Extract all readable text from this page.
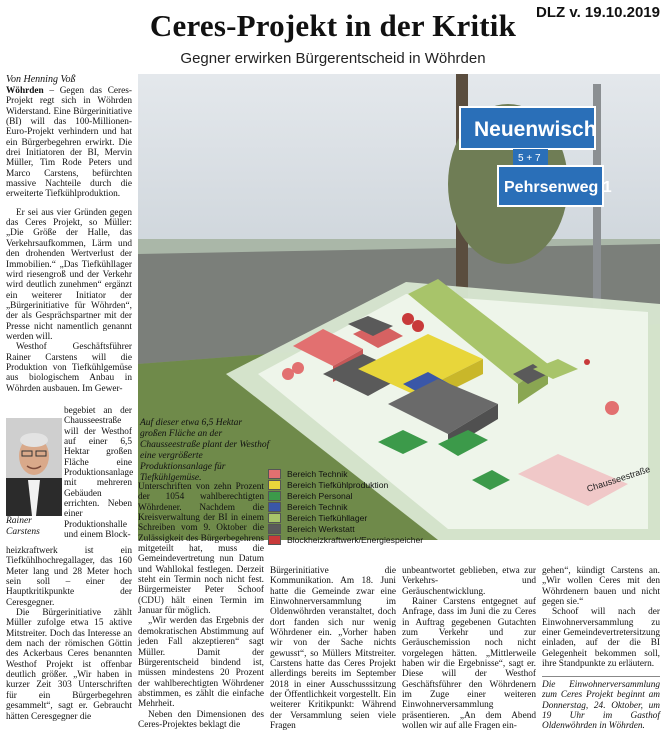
Ceres-Projekt in der Kritik	DLZ v. 19.10.2019
Gegner erwirken Bürgerentscheid in Wöhrden
Von Henning Voß

Wöhrden – Gegen das Ceres-Projekt regt sich in Wöhrden Widerstand. Eine Bürgerinitiative (BI) will das 100-Millionen-Euro-Projekt verhindern und hat ein Bürgerbegehren erwirkt. Die drei Initiatoren der BI, Mervin Müller, Tim Rode Peters und Marco Carstens, befürchten massive Nachteile durch die erweiterte Tiefkühlproduktion.

Er sei aus vier Gründen gegen das Ceres Projekt, so Müller: „Die Größe der Halle, das Verkehrsaufkommen, Lärm und den drohenden Wertverlust der Immobilien.“ „Das Tiefkühllager wird riesengroß und der Verkehr wird deutlich zunehmen“ ergänzt ein weiterer Initiator der „Bürgerinitiative für Wöhrden“, der als Gesprächspartner mit der Presse nicht namentlich genannt werden will.

Westhof Geschäftsführer Rainer Carstens will die Produktion von Tiefkühlgemüse aus biologischem Anbau in Wöhrden ausbauen. Im Gewer-

begebiet an der Chausseestraße will der Westhof auf einer 6,5 Hektar großen Fläche eine Produktionsanlage mit mehreren Gebäuden errichten. Neben einer Produktionshalle und einem Block-

heizkraftwerk ist ein Tiefkühlhochregallager, das 160 Meter lang und 28 Meter hoch sein soll – einer der Hauptkritikpunkte der Ceresgegner.

Die Bürgerinitiative zählt Müller zufolge etwa 15 aktive Mitstreiter. Doch das Interesse an dem nach der römischen Göttin des Ackerbaus Ceres benannten Westhof Projekt ist offenbar deutlich größer. „Wir haben in kurzer Zeit 303 Unterschriften für ein Bürgerbegehren gesammelt“, sagt er. Gebraucht hätten Ceresgegner die

Rainer
Carstens
Neuenwisch
5 + 7
Pehrsenweg 1
Chausseestraße
Auf dieser etwa 6,5 Hektar großen Fläche an der Chausseestraße plant der Westhof eine vergrößerte Produktionsanlage für Tiefkühlgemüse.	Bereich Technik
Bereich Tiefkühlproduktion
Bereich Personal
Bereich Technik
Bereich Tiefkühllager
Bereich Werkstatt
Blockheizkraftwerk/Energiespeicher

Unterschriften von zehn Prozent der 1054 wahlberechtigten Wöhrdener. Nachdem die Kreisverwaltung der BI in einem Schreiben vom 9. Oktober die Zulässigkeit des Bürgerbegehrens mitgeteilt hat, muss die Gemeindevertretung nun Datum und Wahllokal festlegen. Derzeit steht ein Termin noch nicht fest. Bürgermeister Peter Schoof (CDU) hält einen Termin im Januar für möglich.

„Wir werden das Ergebnis der demokratischen Abstimmung auf jeden Fall akzeptieren“ sagt Müller. Damit der Bürgerentscheid bindend ist, müssen mindestens 20 Prozent der wahlberechtigten Wöhrdener abstimmen, es zählt die einfache Mehrheit.

Neben den Dimensionen des Ceres-Projektes beklagt die

Bürgerinitiative die Kommunikation. Am 18. Juni hatte die Gemeinde zwar eine Einwohnerversammlung im Oldenwöhrden veranstaltet, doch dort fanden sich nur wenig Wöhrdener ein. „Vorher haben wir von der Sache nichts gewusst“, so Müllers Mitstreiter. Carstens hatte das Ceres Projekt allerdings bereits im September 2018 in einer Ausschusssitzung der Öffentlichkeit vorgestellt. Ein weiterer Kritikpunkt: Während der Versammlung seien viele Fragen

unbeantwortet geblieben, etwa zur Verkehrs- und Geräuschentwicklung.

Rainer Carstens entgegnet auf Anfrage, dass im Juni die zu Ceres in Auftrag gegebenen Gutachten zum Verkehr und zur Geräuschemission noch nicht vorgelegen hätten. „Mittlerweile haben wir die Ergebnisse“, sagt er. Diese will der Westhof Geschäftsführer den Wöhrdenern im Zuge einer weiteren Einwohnerversammlung präsentieren. „An dem Abend wollen wir auf alle Fragen ein-

gehen“, kündigt Carstens an. „Wir wollen Ceres mit den Wöhrdenern bauen und nicht gegen sie.“

Schoof will nach der Einwohnerversammlung zu einer Gemeindevertretersitzung einladen, auf der die BI Gelegenheit bekommen soll, ihre Standpunkte zu erläutern.

Die Einwohnerversammlung zum Ceres Projekt beginnt am Donnerstag, 24. Oktober, um 19 Uhr im Gasthof Oldenwöhrden in Wöhrden.
